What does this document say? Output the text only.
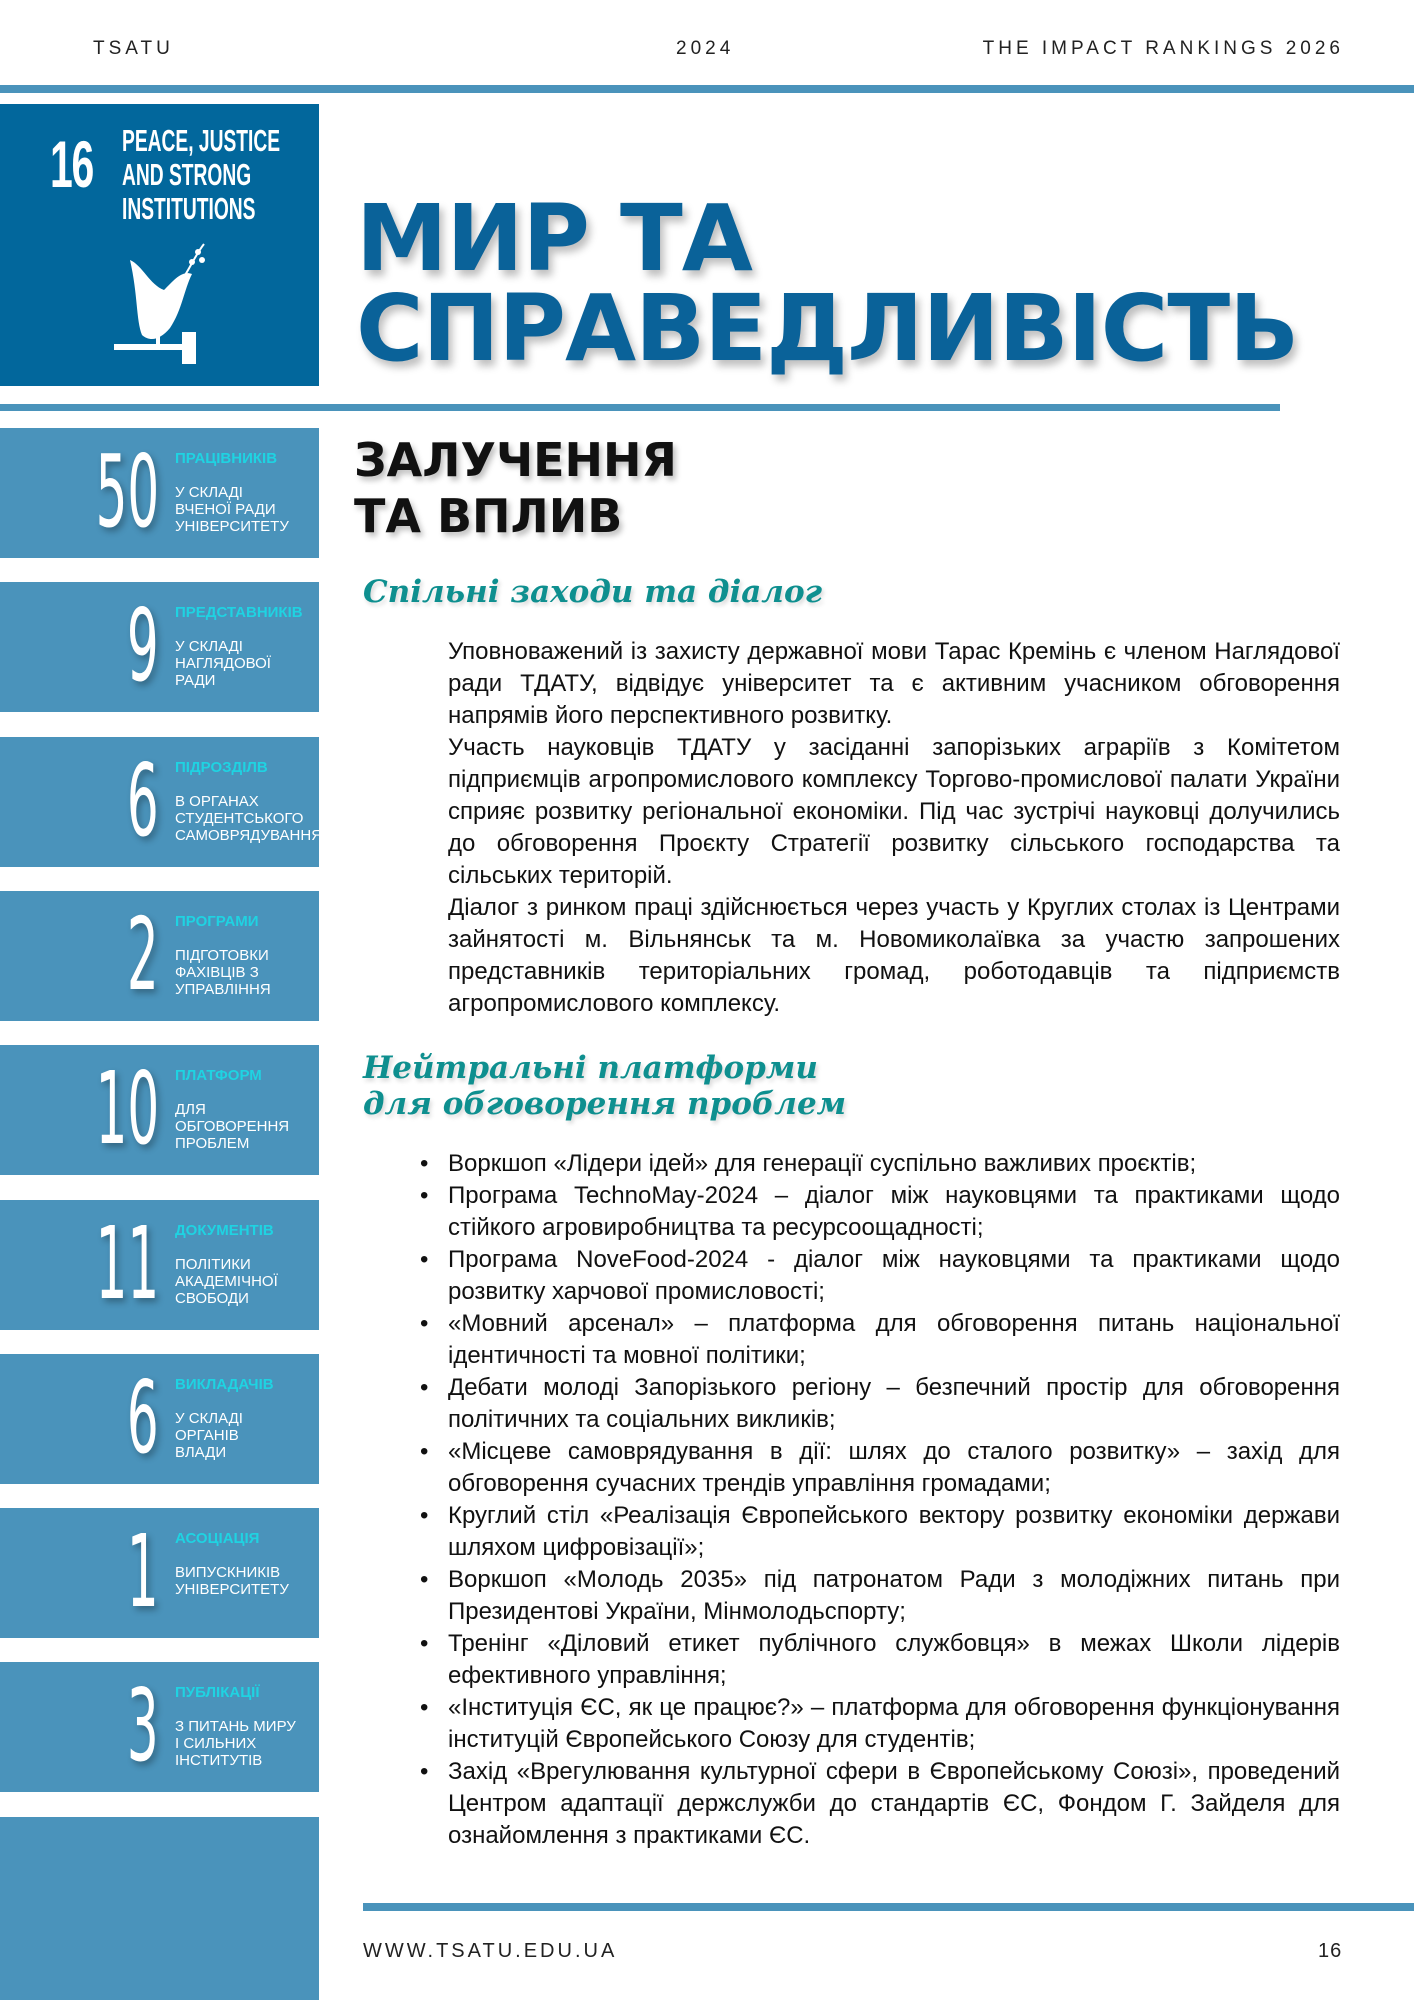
TSATU	2024	THE IMPACT RANKINGS 2026
16 PEACE, JUSTICE
AND STRONG
INSTITUTIONS МИР ТА
СПРАВЕДЛИВІСТЬ
50 ПРАЦІВНИКІВ
У СКЛАДІ
ВЧЕНОЇ РАДИ
УНІВЕРСИТЕТУ
9 ПРЕДСТАВНИКІВ
У СКЛАДІ
НАГЛЯДОВОЇ
РАДИ
6 ПІДРОЗДІЛВ
В ОРГАНАХ
СТУДЕНТСЬКОГО
САМОВРЯДУВАННЯ
2 ПРОГРАМИ
ПІДГОТОВКИ
ФАХІВЦІВ З
УПРАВЛІННЯ
10 ПЛАТФОРМ
ДЛЯ
ОБГОВОРЕННЯ
ПРОБЛЕМ
11 ДОКУМЕНТІВ
ПОЛІТИКИ
АКАДЕМІЧНОЇ
СВОБОДИ
6 ВИКЛАДАЧІВ
У СКЛАДІ
ОРГАНІВ
ВЛАДИ
1 АСОЦІАЦІЯ
ВИПУСКНИКІВ
УНІВЕРСИТЕТУ
3 ПУБЛІКАЦІЇ
З ПИТАНЬ МИРУ
І СИЛЬНИХ
ІНСТИТУТІВ
ЗАЛУЧЕННЯ
ТА ВПЛИВ
Спільні заходи та діалог

Уповноважений із захисту державної мови Тарас Кремінь є членом Наглядової ради ТДАТУ, відвідує університет та є активним учасником обговорення напрямів його перспективного розвитку.

Участь науковців ТДАТУ у засіданні запорізьких аграріїв з Комітетом підприємців агропромислового комплексу Торгово-промислової палати України сприяє розвитку регіональної економіки. Під час зустрічі науковці долучились до обговорення Проєкту Стратегії розвитку сільського господарства та сільських територій.

Діалог з ринком праці здійснюється через участь у Круглих столах із Центрами зайнятості м. Вільнянськ та м. Новомиколаївка за участю запрошених представників територіальних громад, роботодавців та підприємств агропромислового комплексу.

Нейтральні платформи
для обговорення проблем
• Воркшоп «Лідери ідей» для генерації суспільно важливих проєктів;
• Програма TechnoMay-2024 – діалог між науковцями та практиками щодо стійкого агровиробництва та ресурсоощадності;
• Програма NoveFood-2024 - діалог між науковцями та практиками щодо розвитку харчової промисловості;
• «Мовний арсенал» – платформа для обговорення питань національної ідентичності та мовної політики;
• Дебати молоді Запорізького регіону – безпечний простір для обговорення політичних та соціальних викликів;
• «Місцеве самоврядування в дії: шлях до сталого розвитку» – захід для обговорення сучасних трендів управління громадами;
• Круглий стіл «Реалізація Європейського вектору розвитку економіки держави шляхом цифровізації»;
• Воркшоп «Молодь 2035» під патронатом Ради з молодіжних питань при Президентові України, Мінмолодьспорту;
• Тренінг «Діловий етикет публічного службовця» в межах Школи лідерів ефективного управління;
• «Інституція ЄС, як це працює?» – платформа для обговорення функціонування інституцій Європейського Союзу для студентів;
• Захід «Врегулювання культурної сфери в Європейському Союзі», проведений Центром адаптації держслужби до стандартів ЄС, Фондом Г. Зайделя для ознайомлення з практиками ЄС.
WWW.TSATU.EDU.UA	16
